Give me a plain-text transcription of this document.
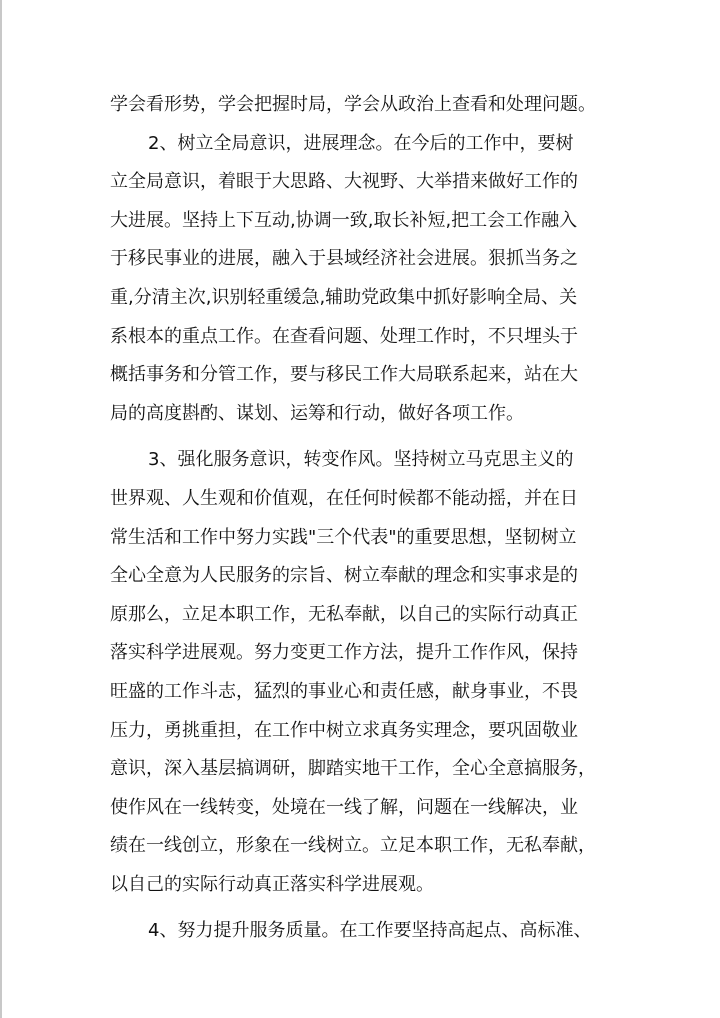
学会看形势，学会把握时局，学会从政治上查看和处理问题。
2、树立全局意识，进展理念。在今后的工作中，要树
立全局意识，着眼于大思路、大视野、大举措来做好工作的
大进展。坚持上下互动,协调一致,取长补短,把工会工作融入
于移民事业的进展，融入于县域经济社会进展。狠抓当务之
重,分清主次,识别轻重缓急,辅助党政集中抓好影响全局、关
系根本的重点工作。在查看问题、处理工作时，不只埋头于
概括事务和分管工作，要与移民工作大局联系起来，站在大
局的高度斟酌、谋划、运筹和行动，做好各项工作。
3、强化服务意识，转变作风。坚持树立马克思主义的
世界观、人生观和价值观，在任何时候都不能动摇，并在日
常生活和工作中努力实践"三个代表"的重要思想，坚韧树立
全心全意为人民服务的宗旨、树立奉献的理念和实事求是的
原那么，立足本职工作，无私奉献，以自己的实际行动真正
落实科学进展观。努力变更工作方法，提升工作作风，保持
旺盛的工作斗志，猛烈的事业心和责任感，献身事业，不畏
压力，勇挑重担，在工作中树立求真务实理念，要巩固敬业
意识，深入基层搞调研，脚踏实地干工作，全心全意搞服务，
使作风在一线转变，处境在一线了解，问题在一线解决，业
绩在一线创立，形象在一线树立。立足本职工作，无私奉献，
以自己的实际行动真正落实科学进展观。
4、努力提升服务质量。在工作要坚持高起点、高标准、
